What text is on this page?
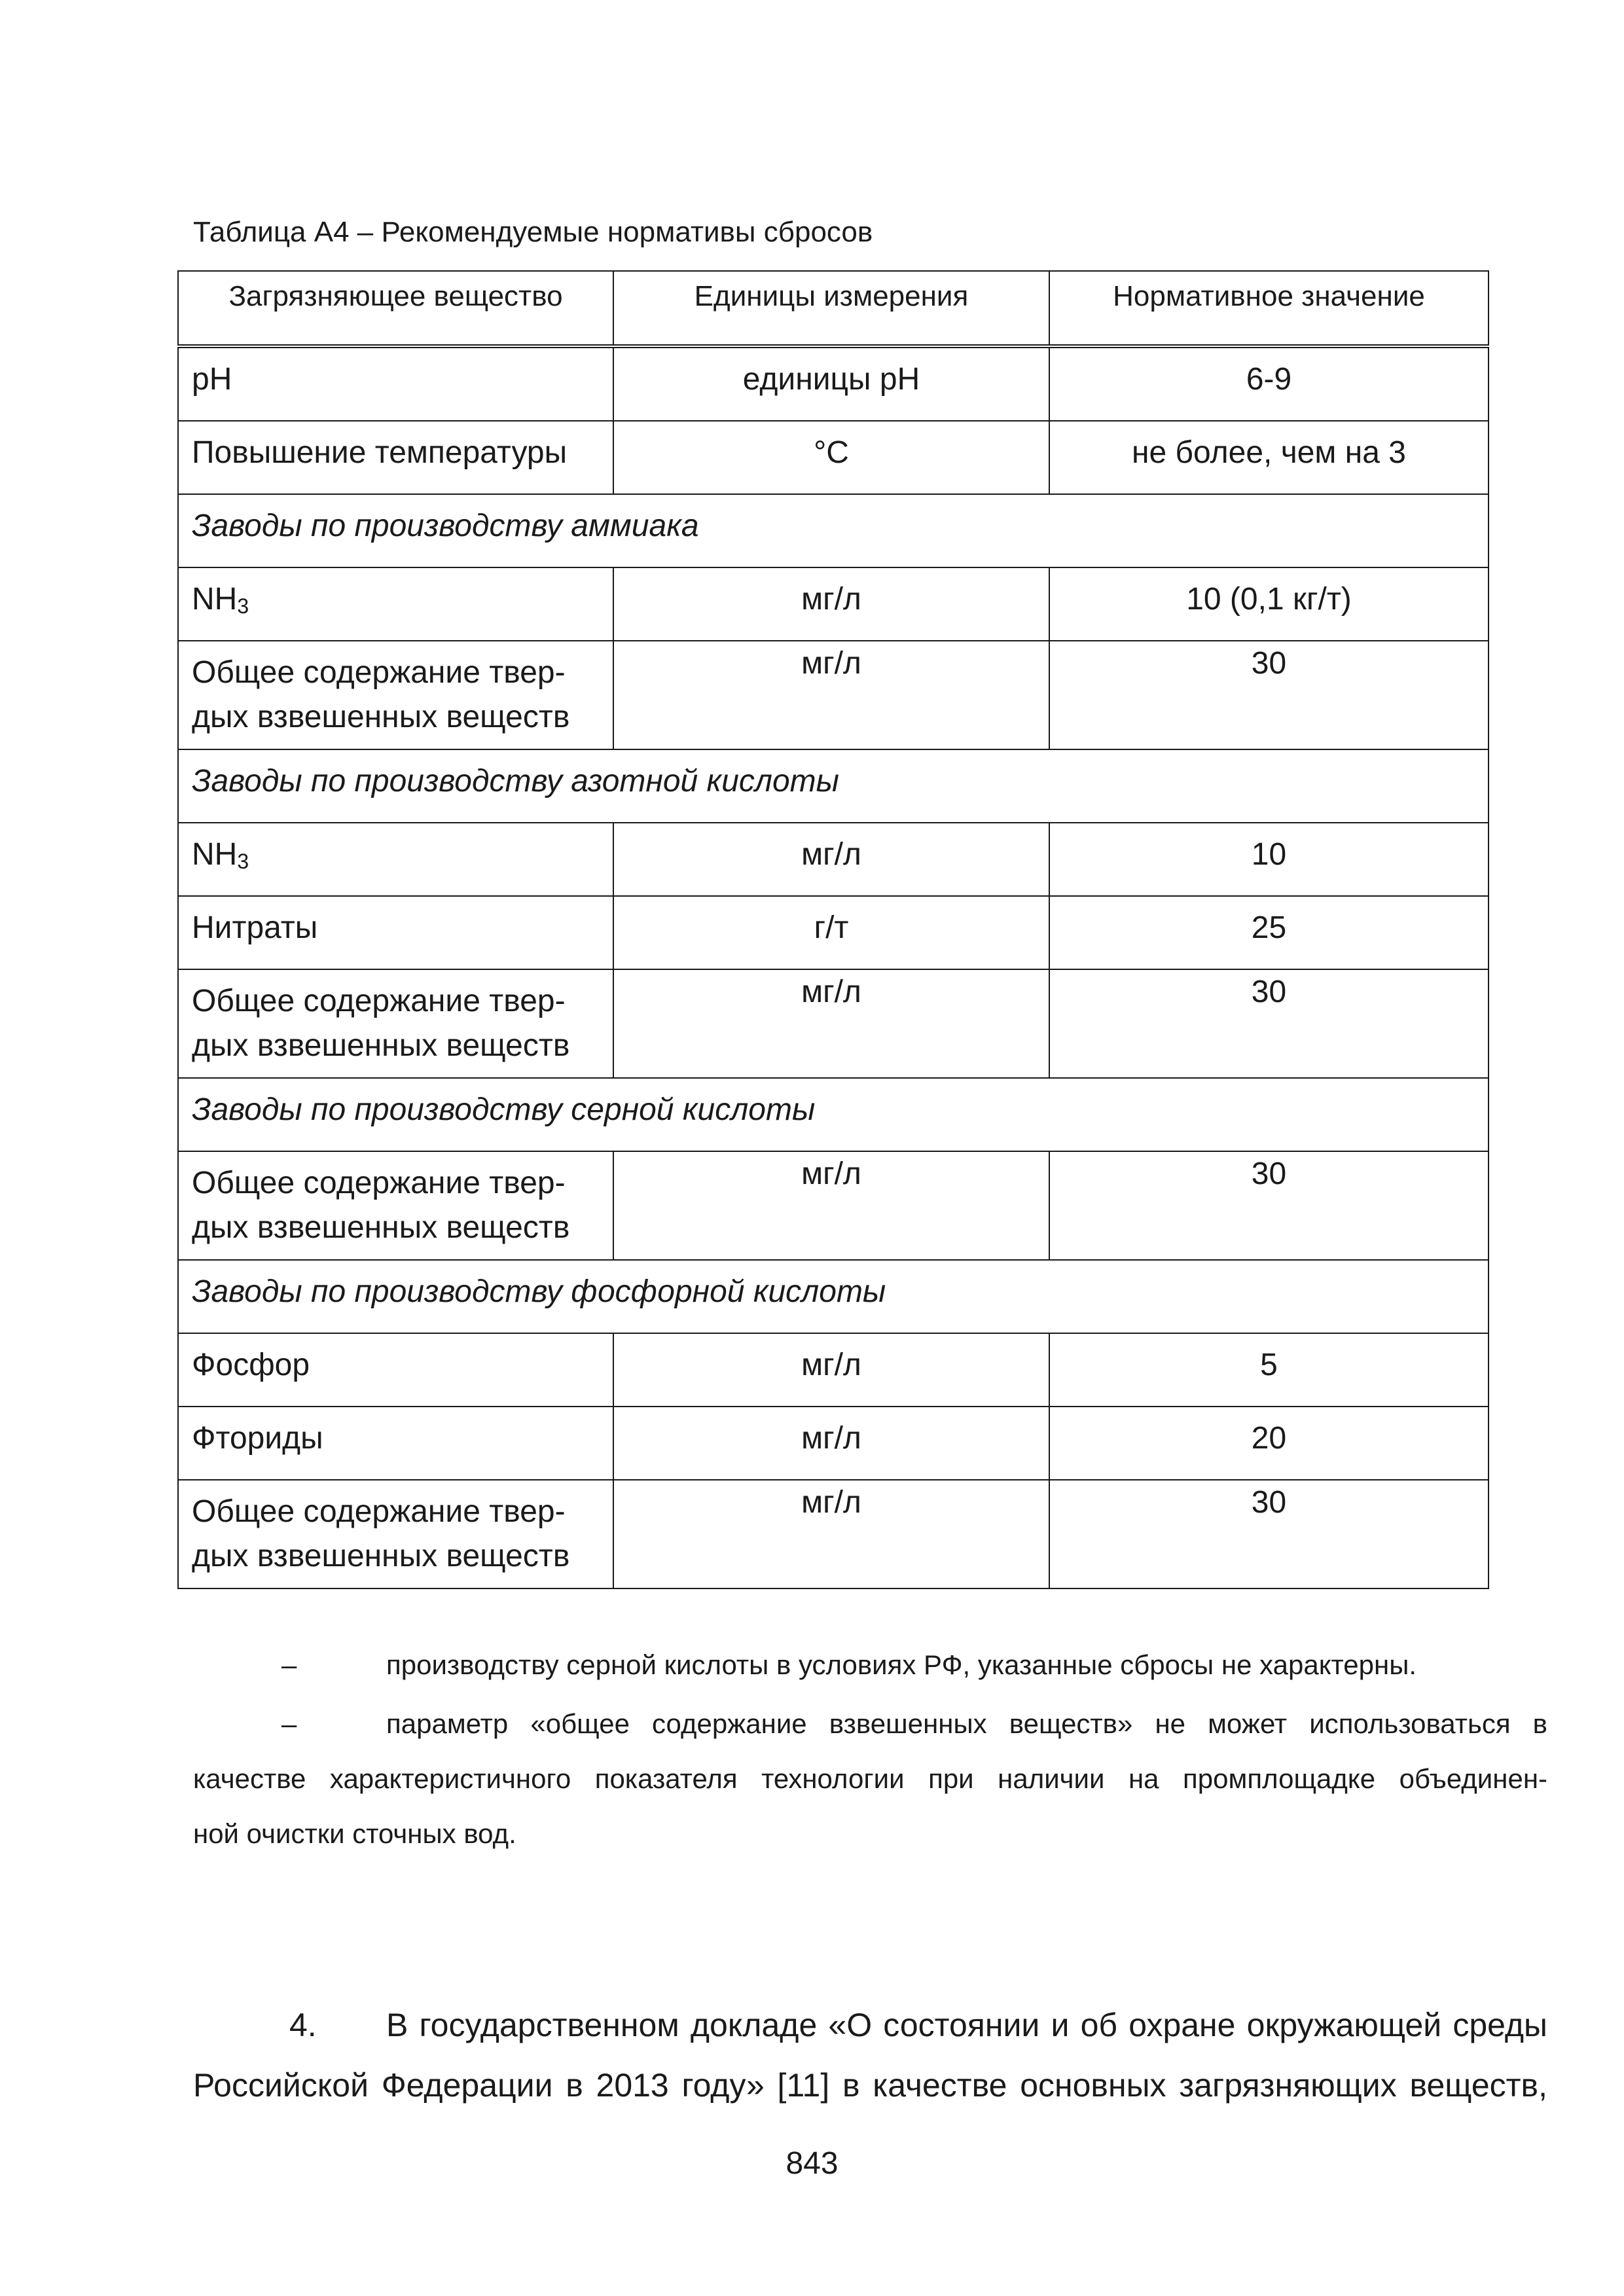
Таблица А4 – Рекомендуемые нормативы сбросов
Загрязняющее вещество	Единицы измерения	Нормативное значение
pH	единицы pH	6-9
Повышение температуры	°C	не более, чем на 3
Заводы по производству аммиака		
$NH_3$	мг/л	10 (0,1 кг/т)

Общее содержание твер-
дых взвешенных веществ	мг/л	30
Заводы по производству азотной кислоты		
$NH_3$	мг/л	10
Нитраты	г/т	25

Общее содержание твер-
дых взвешенных веществ	мг/л	30
Заводы по производству серной кислоты		

Общее содержание твер-
дых взвешенных веществ	мг/л	30
Заводы по производству фосфорной кислоты		
Фосфор	мг/л	5
Фториды	мг/л	20

Общее содержание твер-
дых взвешенных веществ	мг/л	30
–	производству серной кислоты в условиях РФ, указанные сбросы не характерны.
–	параметр «общее содержание взвешенных веществ» не может использоваться в
качестве характеристичного показателя технологии при наличии на промплощадке объединен-
ной очистки сточных вод.
4. В государственном докладе «О состоянии и об охране окружающей среды
Российской Федерации в 2013 году» [11] в качестве основных загрязняющих веществ,
843
